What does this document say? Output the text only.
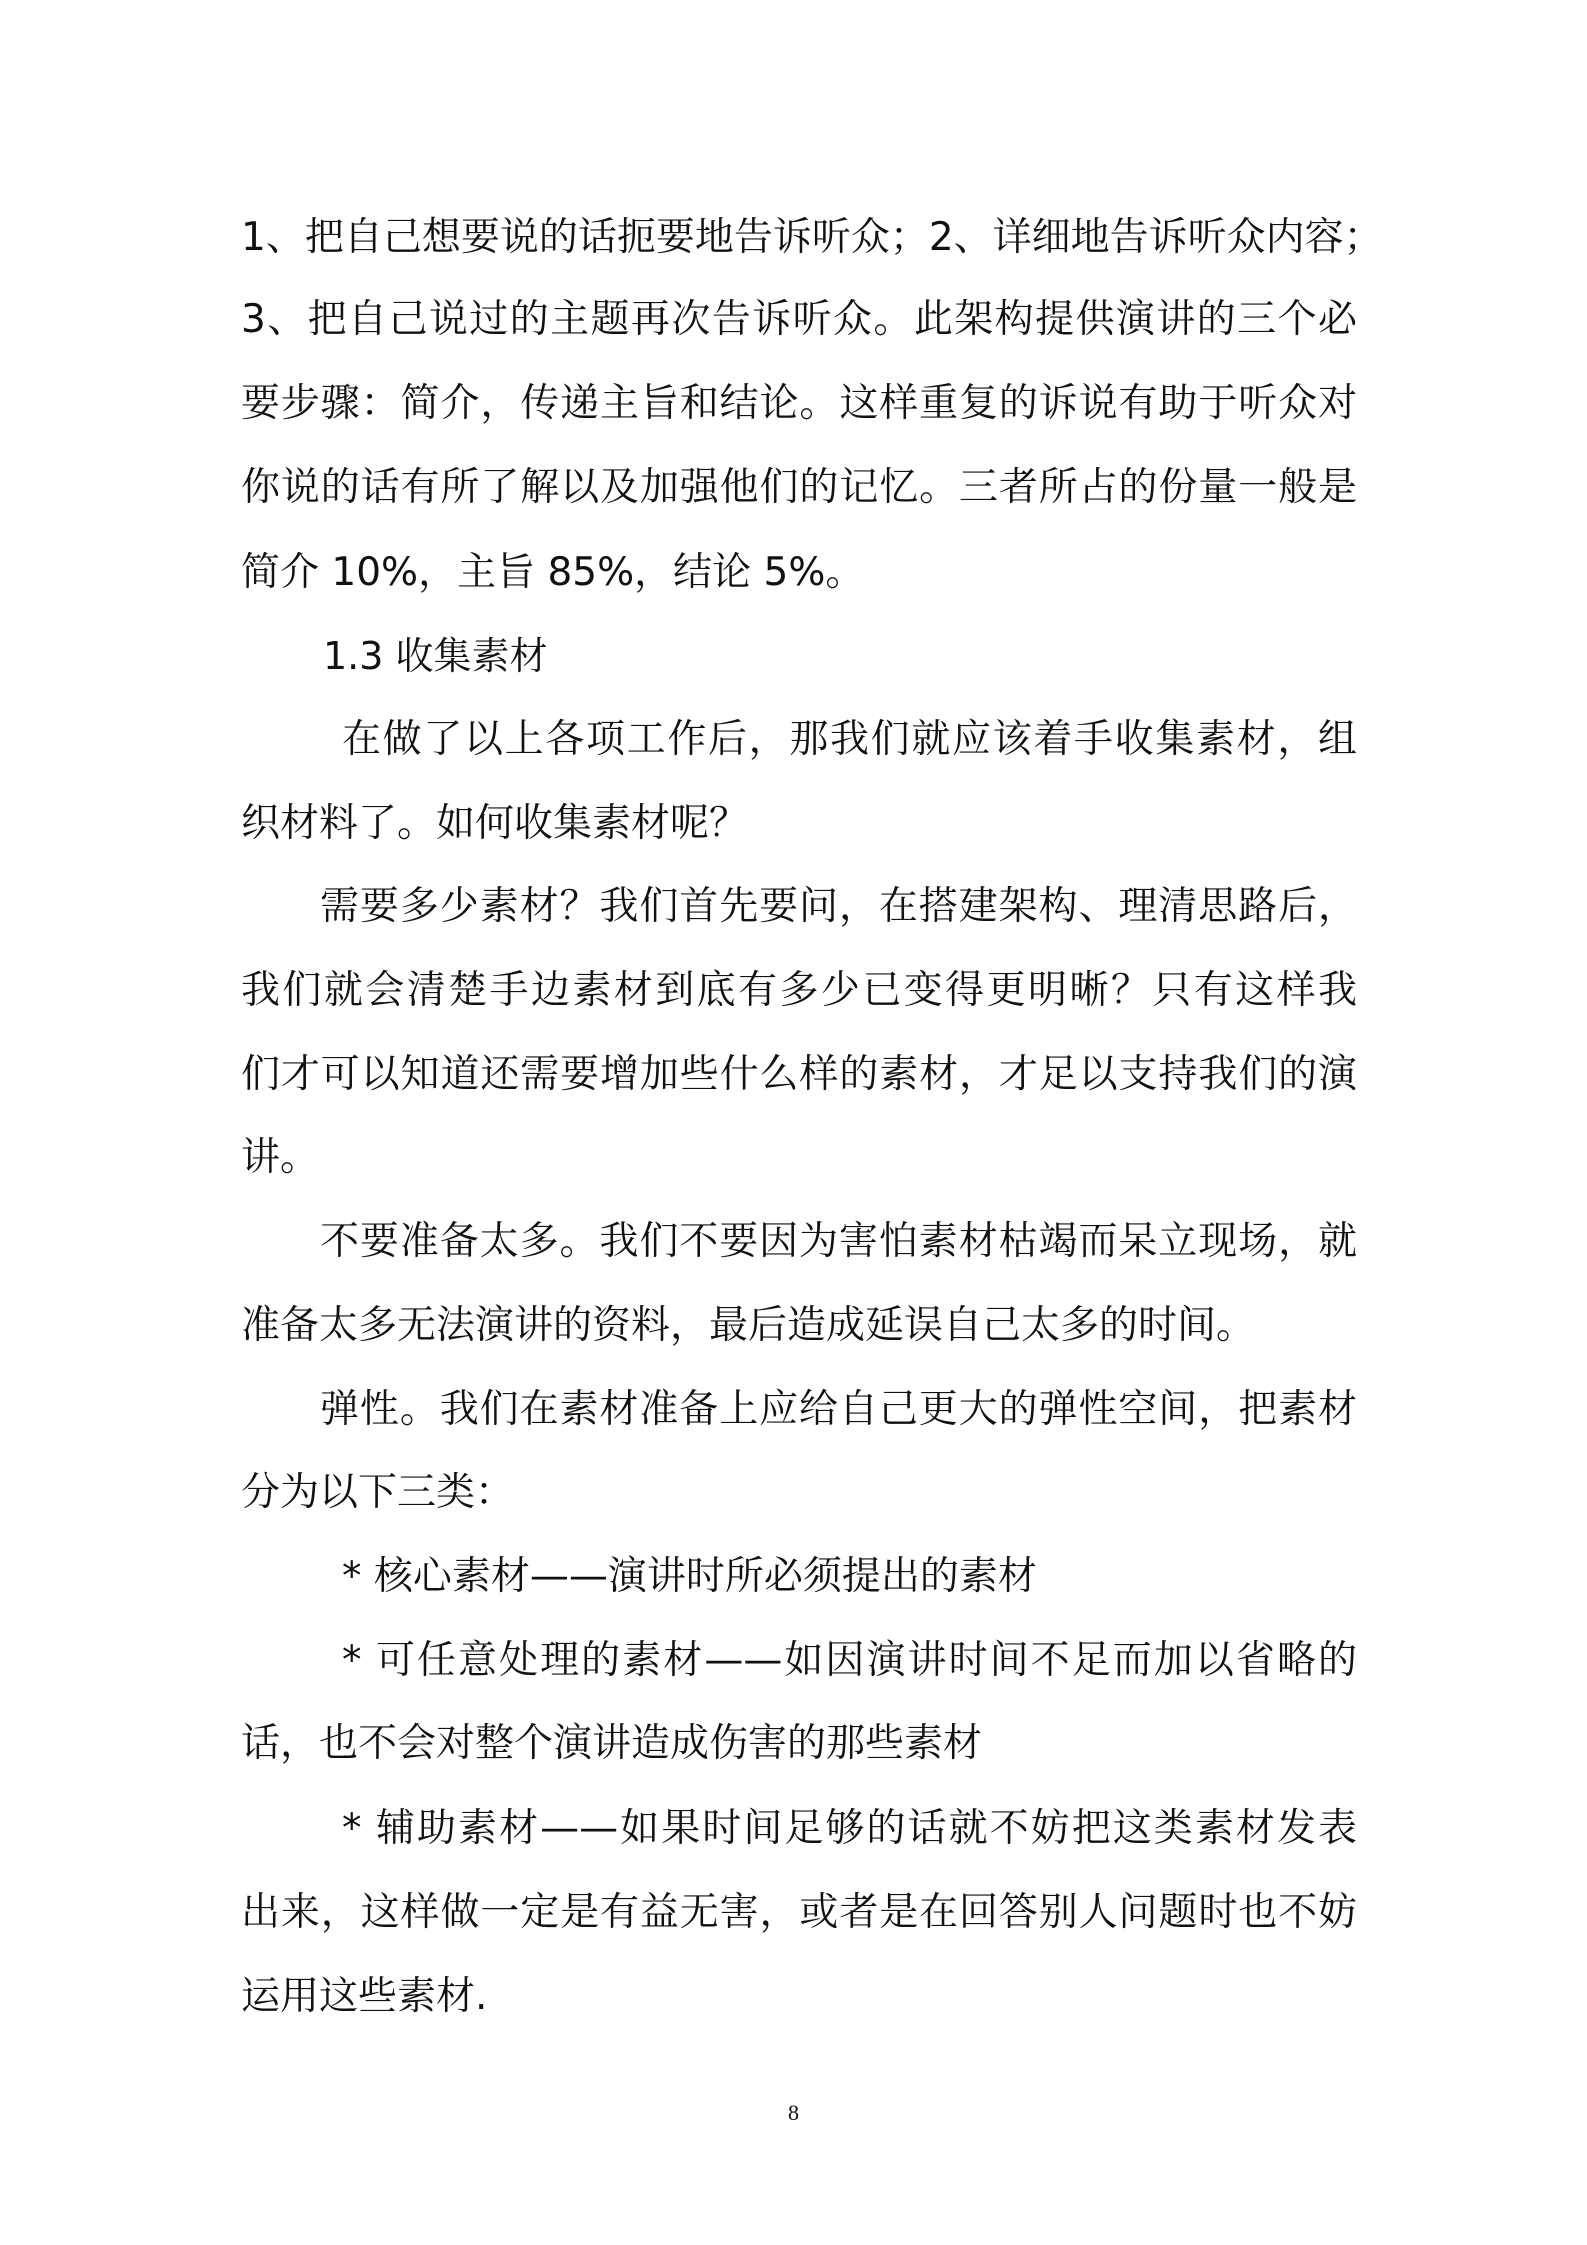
1、把自己想要说的话扼要地告诉听众；2、详细地告诉听众内容；
3、把自己说过的主题再次告诉听众。此架构提供演讲的三个必
要步骤：简介，传递主旨和结论。这样重复的诉说有助于听众对
你说的话有所了解以及加强他们的记忆。三者所占的份量一般是
简介 10%，主旨 85%，结论 5%。
1.3 收集素材
在做了以上各项工作后，那我们就应该着手收集素材，组
织材料了。如何收集素材呢？
需要多少素材？我们首先要问，在搭建架构、理清思路后，
我们就会清楚手边素材到底有多少已变得更明晰？只有这样我
们才可以知道还需要增加些什么样的素材，才足以支持我们的演
讲。
不要准备太多。我们不要因为害怕素材枯竭而呆立现场，就
准备太多无法演讲的资料，最后造成延误自己太多的时间。
弹性。我们在素材准备上应给自己更大的弹性空间，把素材
分为以下三类：
* 核心素材——演讲时所必须提出的素材
* 可任意处理的素材——如因演讲时间不足而加以省略的
话，也不会对整个演讲造成伤害的那些素材
* 辅助素材——如果时间足够的话就不妨把这类素材发表
出来，这样做一定是有益无害，或者是在回答别人问题时也不妨
运用这些素材.
8
